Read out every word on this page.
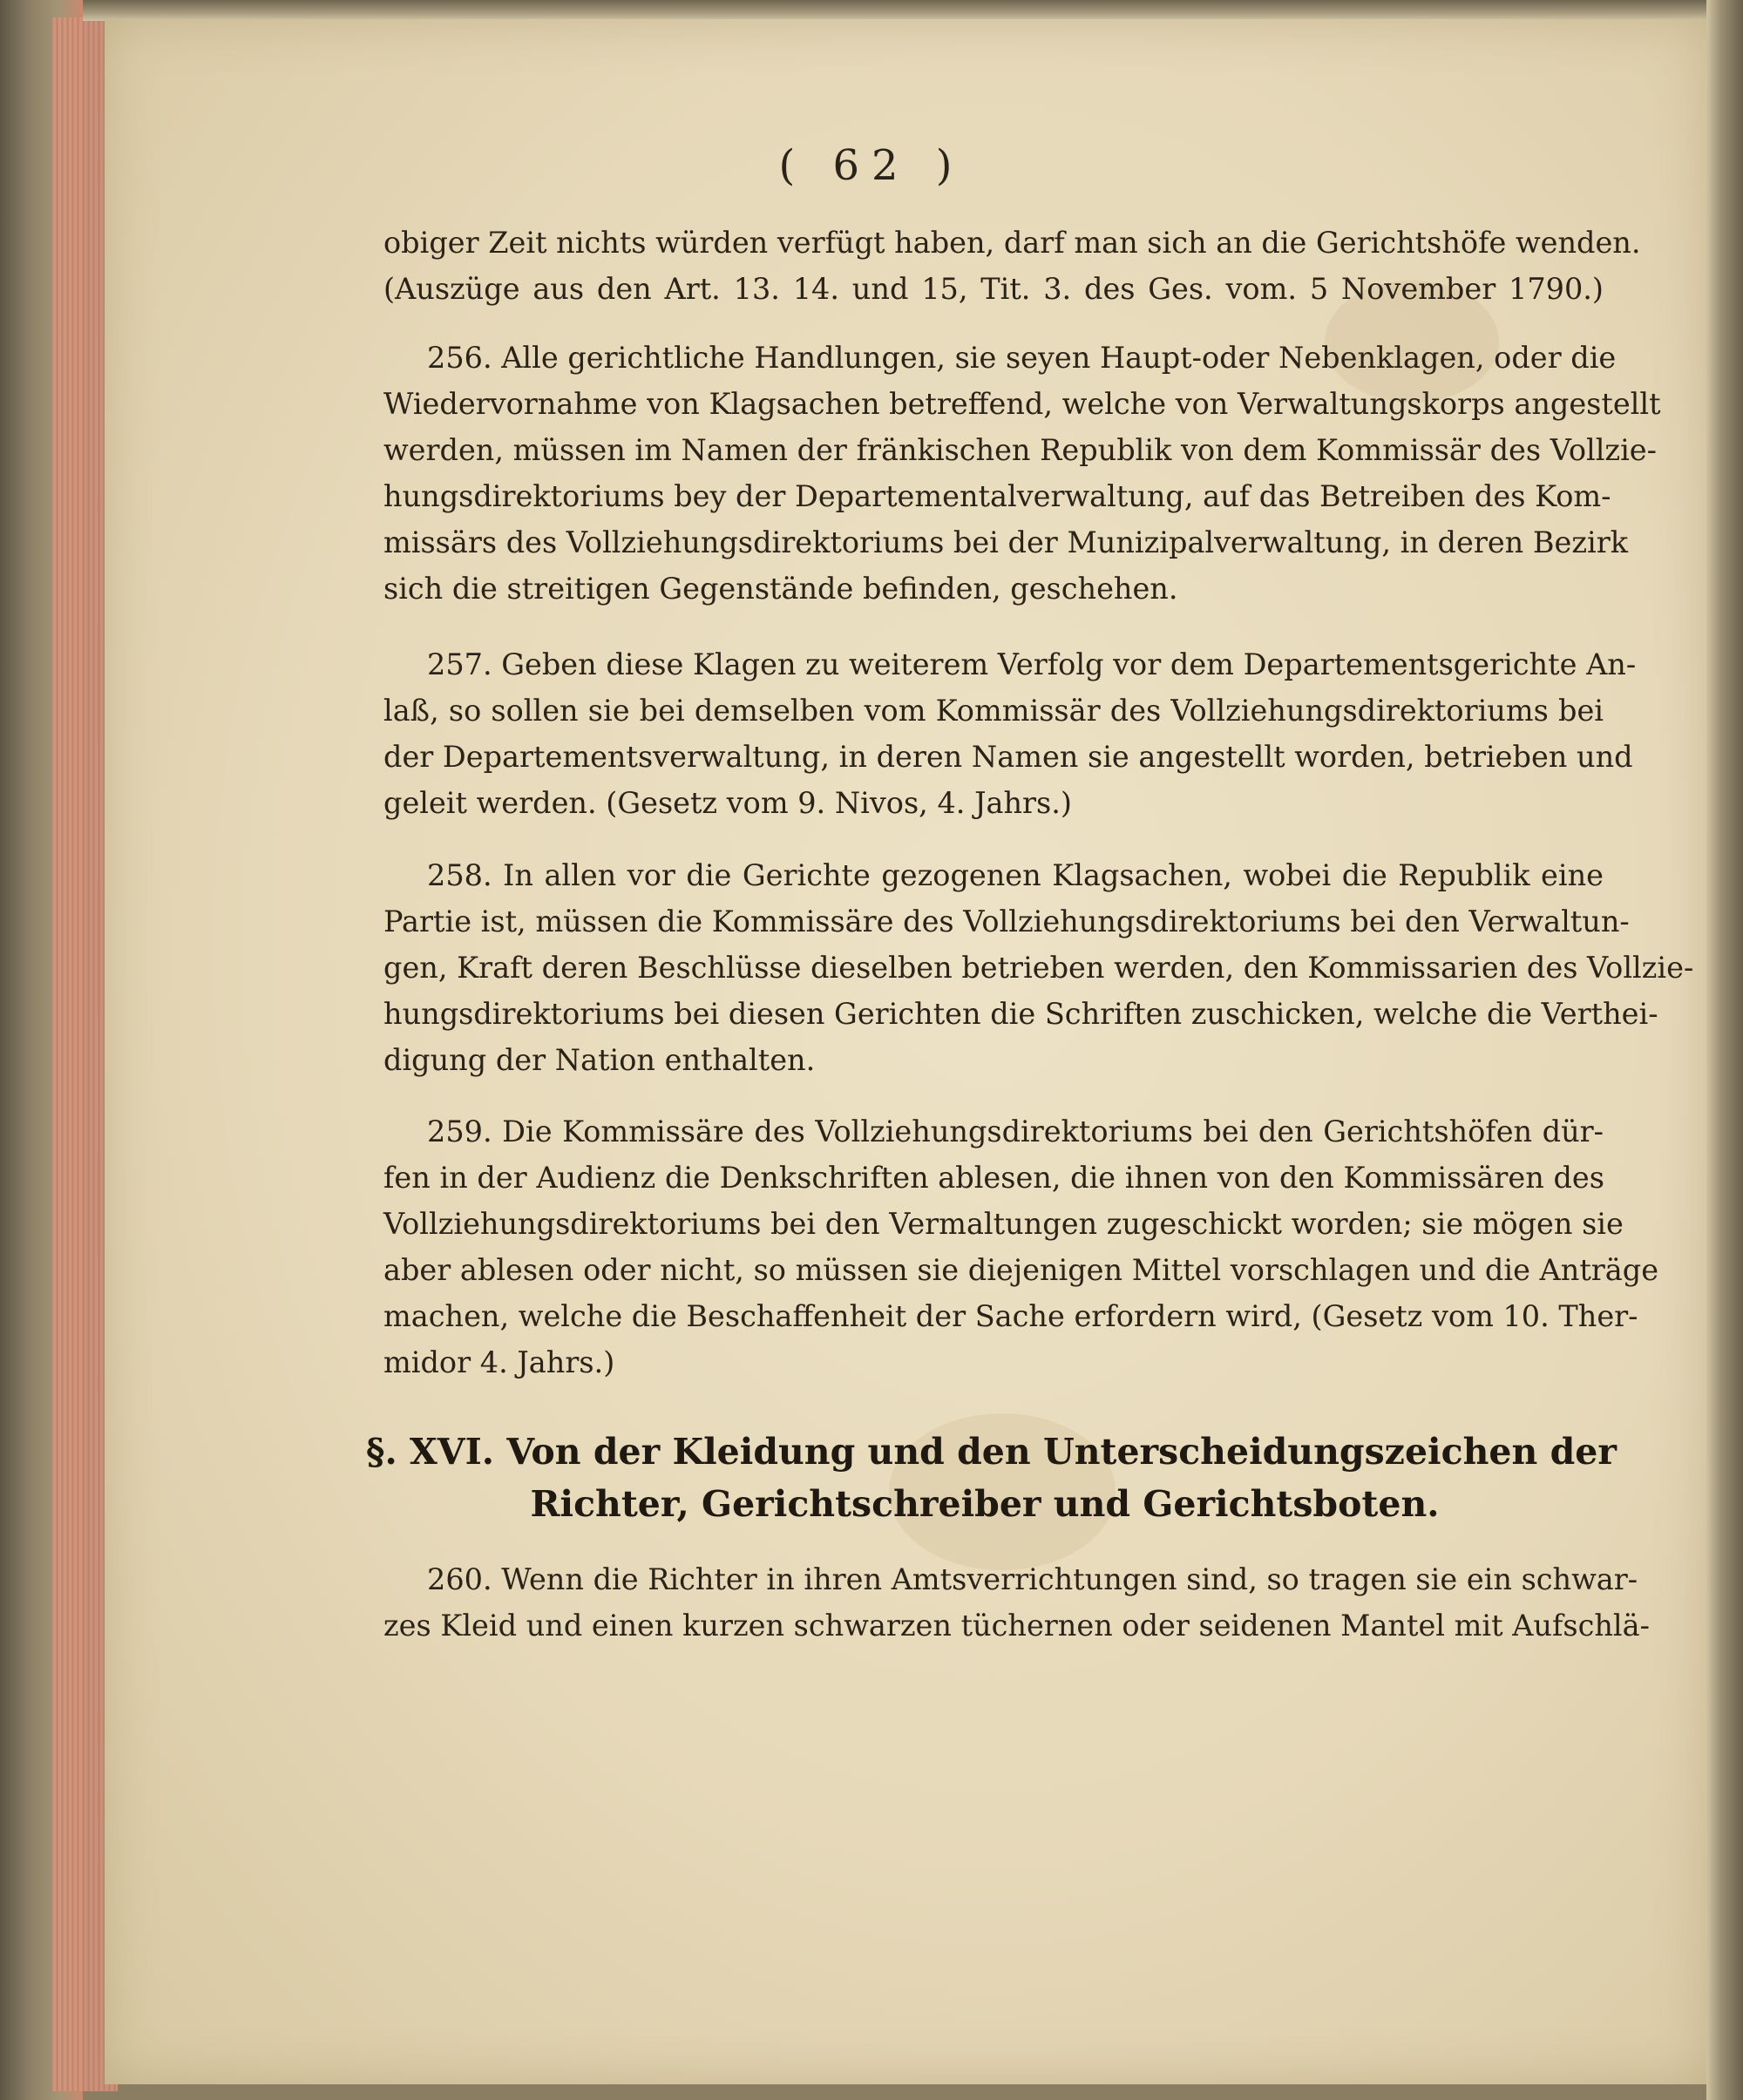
( 62 )
obiger Zeit nichts würden verfügt haben, darf man sich an die Gerichtshöfe wenden.
(Auszüge aus den Art. 13. 14. und 15, Tit. 3. des Ges. vom. 5 November 1790.)
256. Alle gerichtliche Handlungen, sie seyen Haupt-oder Nebenklagen, oder die
Wiedervornahme von Klagsachen betreffend, welche von Verwaltungskorps angestellt
werden, müssen im Namen der fränkischen Republik von dem Kommissär des Vollzie-
hungsdirektoriums bey der Departementalverwaltung, auf das Betreiben des Kom-
missärs des Vollziehungsdirektoriums bei der Munizipalverwaltung, in deren Bezirk
sich die streitigen Gegenstände befinden, geschehen.
257. Geben diese Klagen zu weiterem Verfolg vor dem Departementsgerichte An-
laß, so sollen sie bei demselben vom Kommissär des Vollziehungsdirektoriums bei
der Departementsverwaltung, in deren Namen sie angestellt worden, betrieben und
geleit werden. (Gesetz vom 9. Nivos, 4. Jahrs.)
258. In allen vor die Gerichte gezogenen Klagsachen, wobei die Republik eine
Partie ist, müssen die Kommissäre des Vollziehungsdirektoriums bei den Verwaltun-
gen, Kraft deren Beschlüsse dieselben betrieben werden, den Kommissarien des Vollzie-
hungsdirektoriums bei diesen Gerichten die Schriften zuschicken, welche die Verthei-
digung der Nation enthalten.
259. Die Kommissäre des Vollziehungsdirektoriums bei den Gerichtshöfen dür-
fen in der Audienz die Denkschriften ablesen, die ihnen von den Kommissären des
Vollziehungsdirektoriums bei den Vermaltungen zugeschickt worden; sie mögen sie
aber ablesen oder nicht, so müssen sie diejenigen Mittel vorschlagen und die Anträge
machen, welche die Beschaffenheit der Sache erfordern wird, (Gesetz vom 10. Ther-
midor 4. Jahrs.)
§. XVI. Von der Kleidung und den Unterscheidungszeichen der
Richter, Gerichtschreiber und Gerichtsboten.
260. Wenn die Richter in ihren Amtsverrichtungen sind, so tragen sie ein schwar-
zes Kleid und einen kurzen schwarzen tüchernen oder seidenen Mantel mit Aufschlä-
